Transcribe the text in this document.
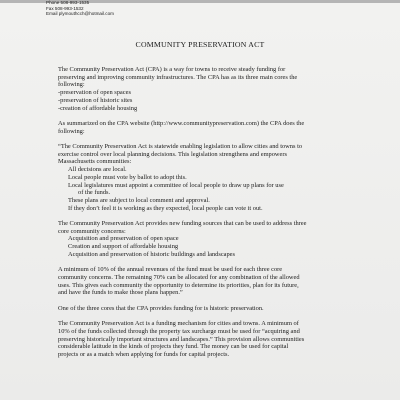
Phone 508-993-1535
Fax 508-993-1532
Email plymouthcch@hotmail.com
COMMUNITY PRESERVATION ACT
The Community Preservation Act (CPA) is a way for towns to receive steady funding for
preserving and improving community infrastructures. The CPA has as its three main cores the
following:
-preservation of open spaces
-preservation of historic sites
-creation of affordable housing
As summarized on the CPA website (http://www.communitypreservation.com) the CPA does the
following:
“The Community Preservation Act is statewide enabling legislation to allow cities and towns to
exercise control over local planning decisions. This legislation strengthens and empowers
Massachusetts communities:
All decisions are local.
Local people must vote by ballot to adopt this.
Local legislatures must appoint a committee of local people to draw up plans for use
of the funds.
These plans are subject to local comment and approval.
If they don’t feel it is working as they expected, local people can vote it out.
The Community Preservation Act provides new funding sources that can be used to address three
core community concerns:
Acquisition and preservation of open space
Creation and support of affordable housing
Acquisition and preservation of historic buildings and landscapes
A minimum of 10% of the annual revenues of the fund must be used for each three core
community concerns. The remaining 70% can be allocated for any combination of the allowed
uses. This gives each community the opportunity to determine its priorities, plan for its future,
and have the funds to make those plans happen.”
One of the three cores that the CPA provides funding for is historic preservation.
The Community Preservation Act is a funding mechanism for cities and towns. A minimum of
10% of the funds collected through the property tax surcharge must be used for “acquiring and
preserving historically important structures and landscapes.” This provision allows communities
considerable latitude in the kinds of projects they fund. The money can be used for capital
projects or as a match when applying for funds for capital projects.
